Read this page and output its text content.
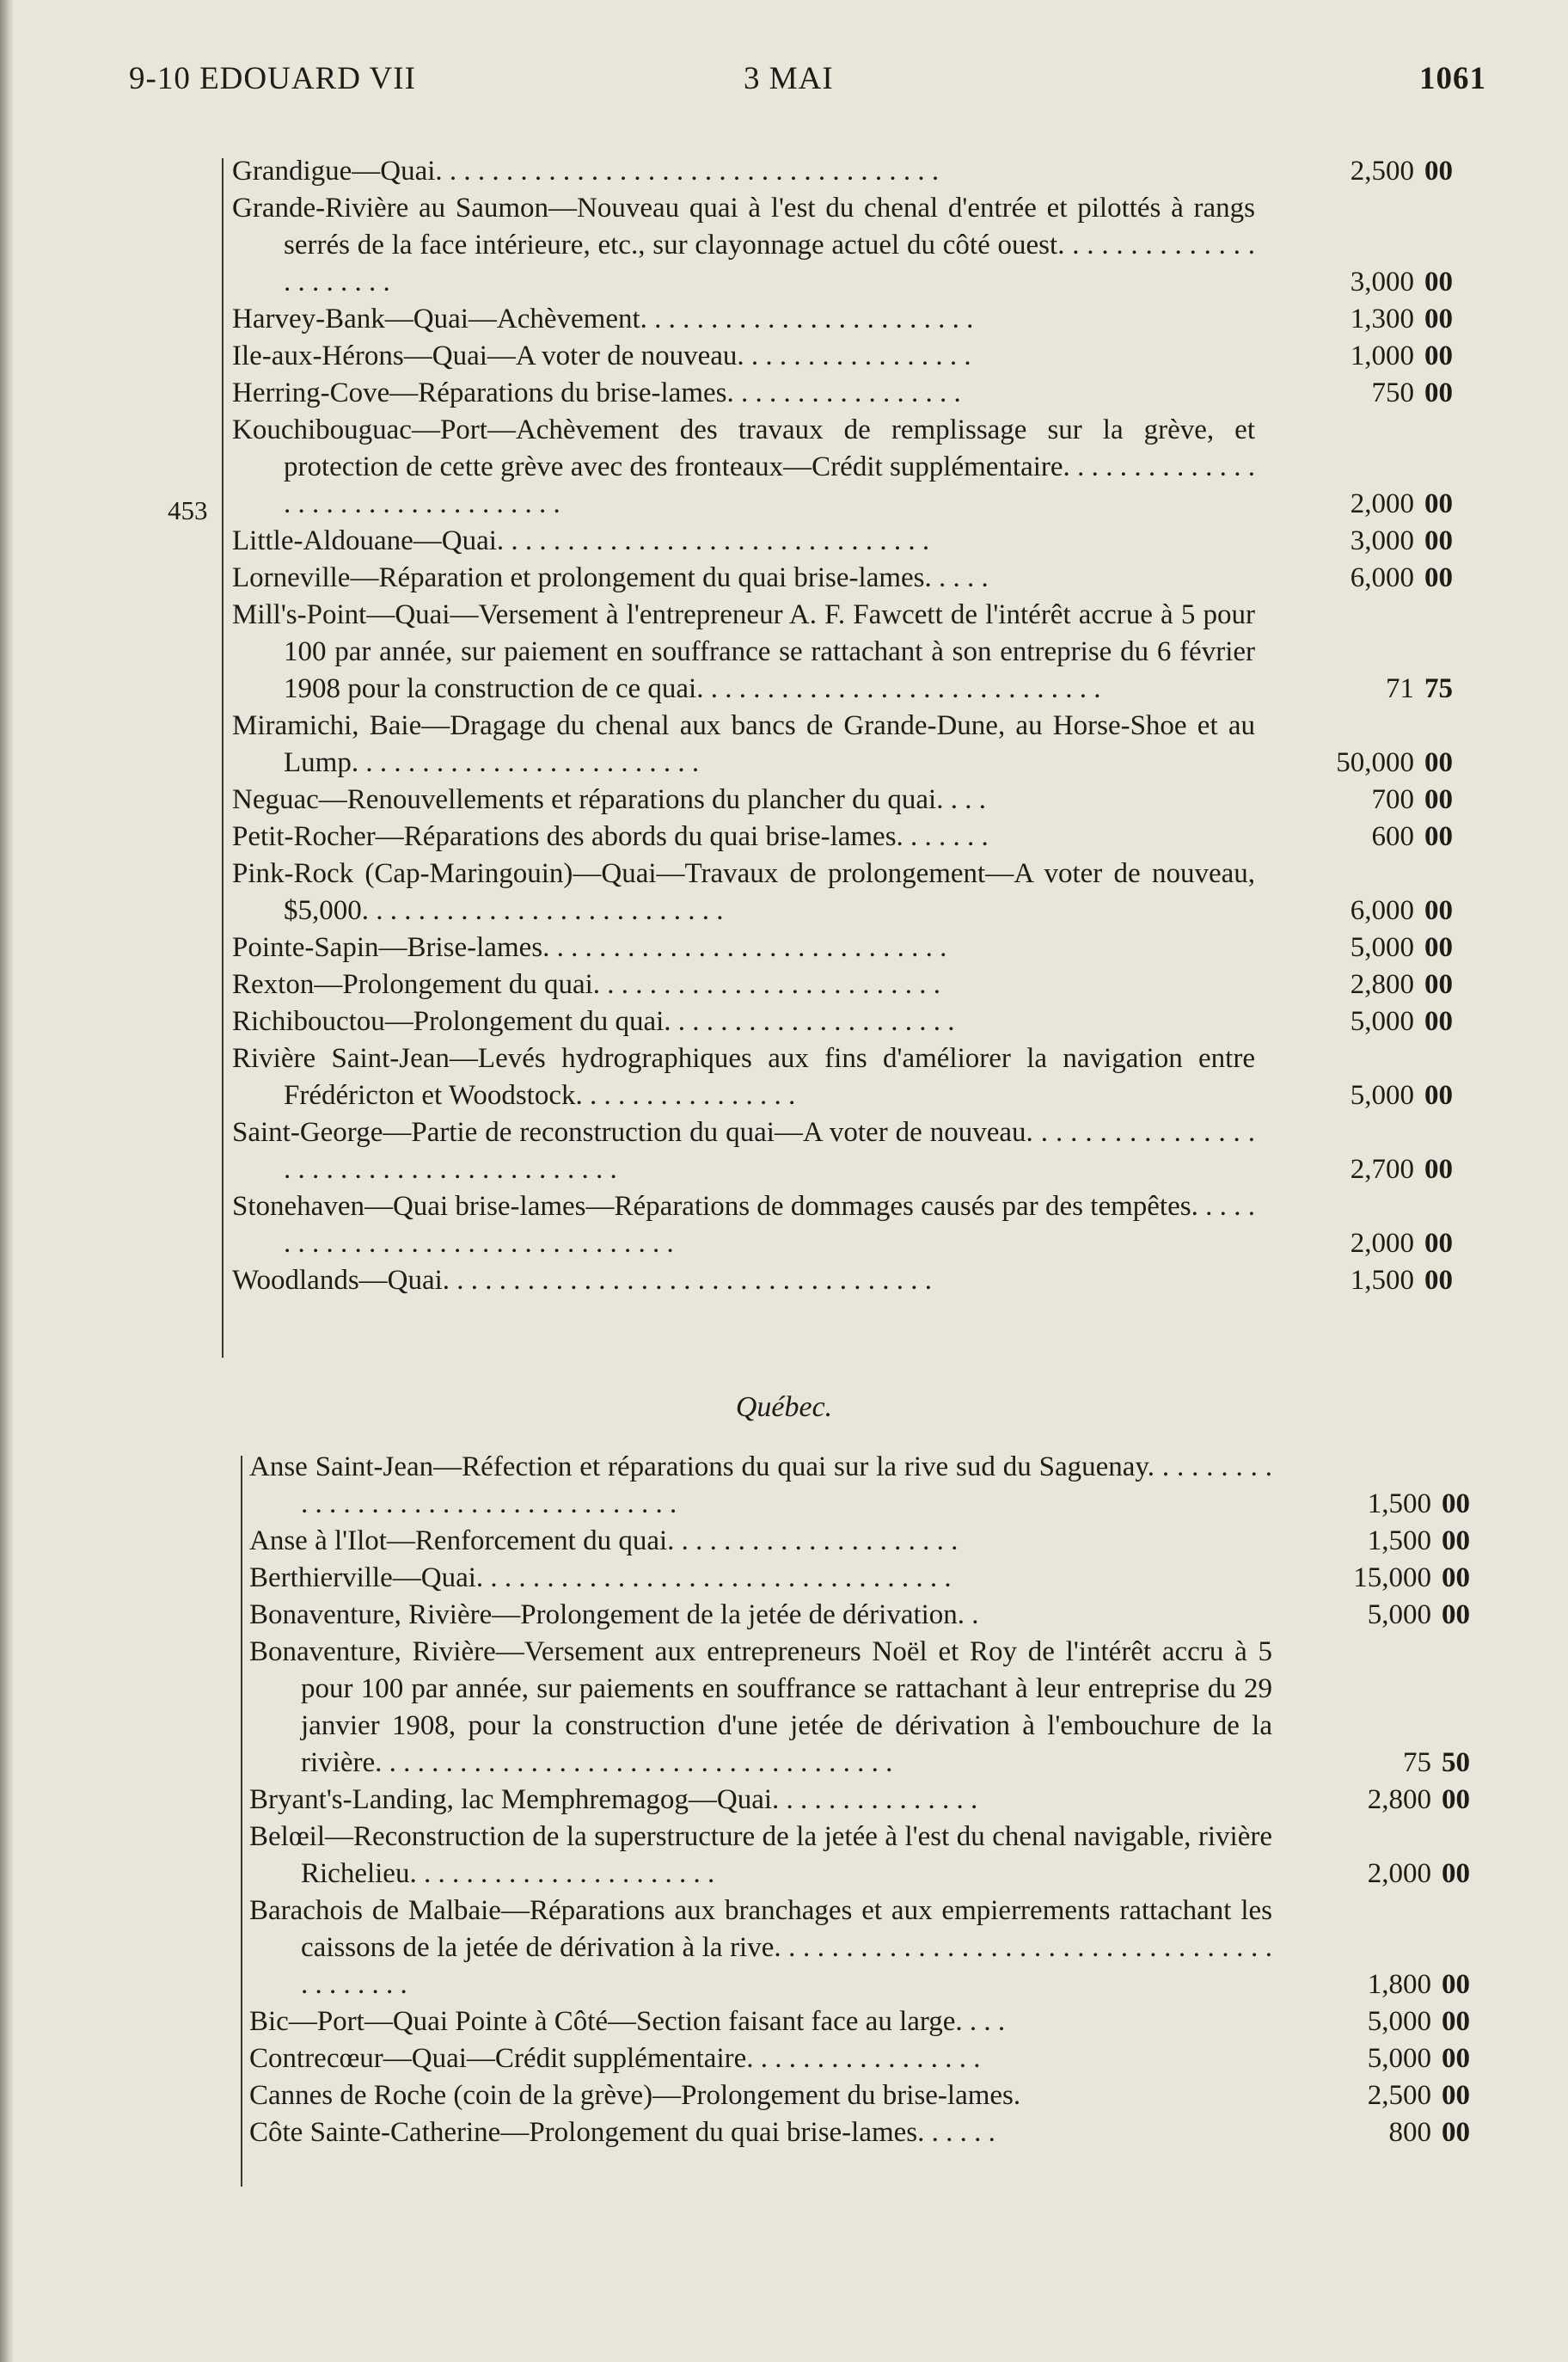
9-10 EDOUARD VII	3 MAI	1061
453
Grandigue—Quai. . . . . . . . . . . . . . . . . . . . . . . . . . . . . . . . . . . .	2,500 00
Grande-Rivière au Saumon—Nouveau quai à l'est du chenal d'entrée et pilottés à rangs serrés de la face intérieure, etc., sur clayonnage actuel du côté ouest. . . . . . . . . . . . . . . . . . . . . .	3,000 00
Harvey-Bank—Quai—Achèvement. . . . . . . . . . . . . . . . . . . . . . . .	1,300 00
Ile-aux-Hérons—Quai—A voter de nouveau. . . . . . . . . . . . . . . . .	1,000 00
Herring-Cove—Réparations du brise-lames. . . . . . . . . . . . . . . . .	750 00
Kouchibouguac—Port—Achèvement des travaux de remplissage sur la grève, et protection de cette grève avec des fronteaux—Crédit supplémentaire. . . . . . . . . . . . . . . . . . . . . . . . . . . . . . . . . .	2,000 00
Little-Aldouane—Quai. . . . . . . . . . . . . . . . . . . . . . . . . . . . . . .	3,000 00
Lorneville—Réparation et prolongement du quai brise-lames. . . . .	6,000 00
Mill's-Point—Quai—Versement à l'entrepreneur A. F. Fawcett de l'intérêt accrue à 5 pour 100 par année, sur paiement en souffrance se rattachant à son entreprise du 6 février 1908 pour la construction de ce quai. . . . . . . . . . . . . . . . . . . . . . . . . . . . .	71 75
Miramichi, Baie—Dragage du chenal aux bancs de Grande-Dune, au Horse-Shoe et au Lump. . . . . . . . . . . . . . . . . . . . . . . . .	50,000 00
Neguac—Renouvellements et réparations du plancher du quai. . . .	700 00
Petit-Rocher—Réparations des abords du quai brise-lames. . . . . . .	600 00
Pink-Rock (Cap-Maringouin)—Quai—Travaux de prolongement—A voter de nouveau, $5,000. . . . . . . . . . . . . . . . . . . . . . . . . .	6,000 00
Pointe-Sapin—Brise-lames. . . . . . . . . . . . . . . . . . . . . . . . . . . . .	5,000 00
Rexton—Prolongement du quai. . . . . . . . . . . . . . . . . . . . . . . . .	2,800 00
Richibouctou—Prolongement du quai. . . . . . . . . . . . . . . . . . . . .	5,000 00
Rivière Saint-Jean—Levés hydrographiques aux fins d'améliorer la navigation entre Frédéricton et Woodstock. . . . . . . . . . . . . . . .	5,000 00
Saint-George—Partie de reconstruction du quai—A voter de nouveau. . . . . . . . . . . . . . . . . . . . . . . . . . . . . . . . . . . . . . . .	2,700 00
Stonehaven—Quai brise-lames—Réparations de dommages causés par des tempêtes. . . . . . . . . . . . . . . . . . . . . . . . . . . . . . . . .	2,000 00
Woodlands—Quai. . . . . . . . . . . . . . . . . . . . . . . . . . . . . . . . . . .	1,500 00
Québec.
Anse Saint-Jean—Réfection et réparations du quai sur la rive sud du Saguenay. . . . . . . . . . . . . . . . . . . . . . . . . . . . . . . . . . . .	1,500 00
Anse à l'Ilot—Renforcement du quai. . . . . . . . . . . . . . . . . . . . .	1,500 00
Berthierville—Quai. . . . . . . . . . . . . . . . . . . . . . . . . . . . . . . . . .	15,000 00
Bonaventure, Rivière—Prolongement de la jetée de dérivation. .	5,000 00
Bonaventure, Rivière—Versement aux entrepreneurs Noël et Roy de l'intérêt accru à 5 pour 100 par année, sur paiements en souffrance se rattachant à leur entreprise du 29 janvier 1908, pour la construction d'une jetée de dérivation à l'embouchure de la rivière. . . . . . . . . . . . . . . . . . . . . . . . . . . . . . . . . . . . .	75 50
Bryant's-Landing, lac Memphremagog—Quai. . . . . . . . . . . . . . .	2,800 00
Belœil—Reconstruction de la superstructure de la jetée à l'est du chenal navigable, rivière Richelieu. . . . . . . . . . . . . . . . . . . . . .	2,000 00
Barachois de Malbaie—Réparations aux branchages et aux empierrements rattachant les caissons de la jetée de dérivation à la rive. . . . . . . . . . . . . . . . . . . . . . . . . . . . . . . . . . . . . . . . . . .	1,800 00
Bic—Port—Quai Pointe à Côté—Section faisant face au large. . . .	5,000 00
Contrecœur—Quai—Crédit supplémentaire. . . . . . . . . . . . . . . . .	5,000 00
Cannes de Roche (coin de la grève)—Prolongement du brise-lames.	2,500 00
Côte Sainte-Catherine—Prolongement du quai brise-lames. . . . . .	800 00
